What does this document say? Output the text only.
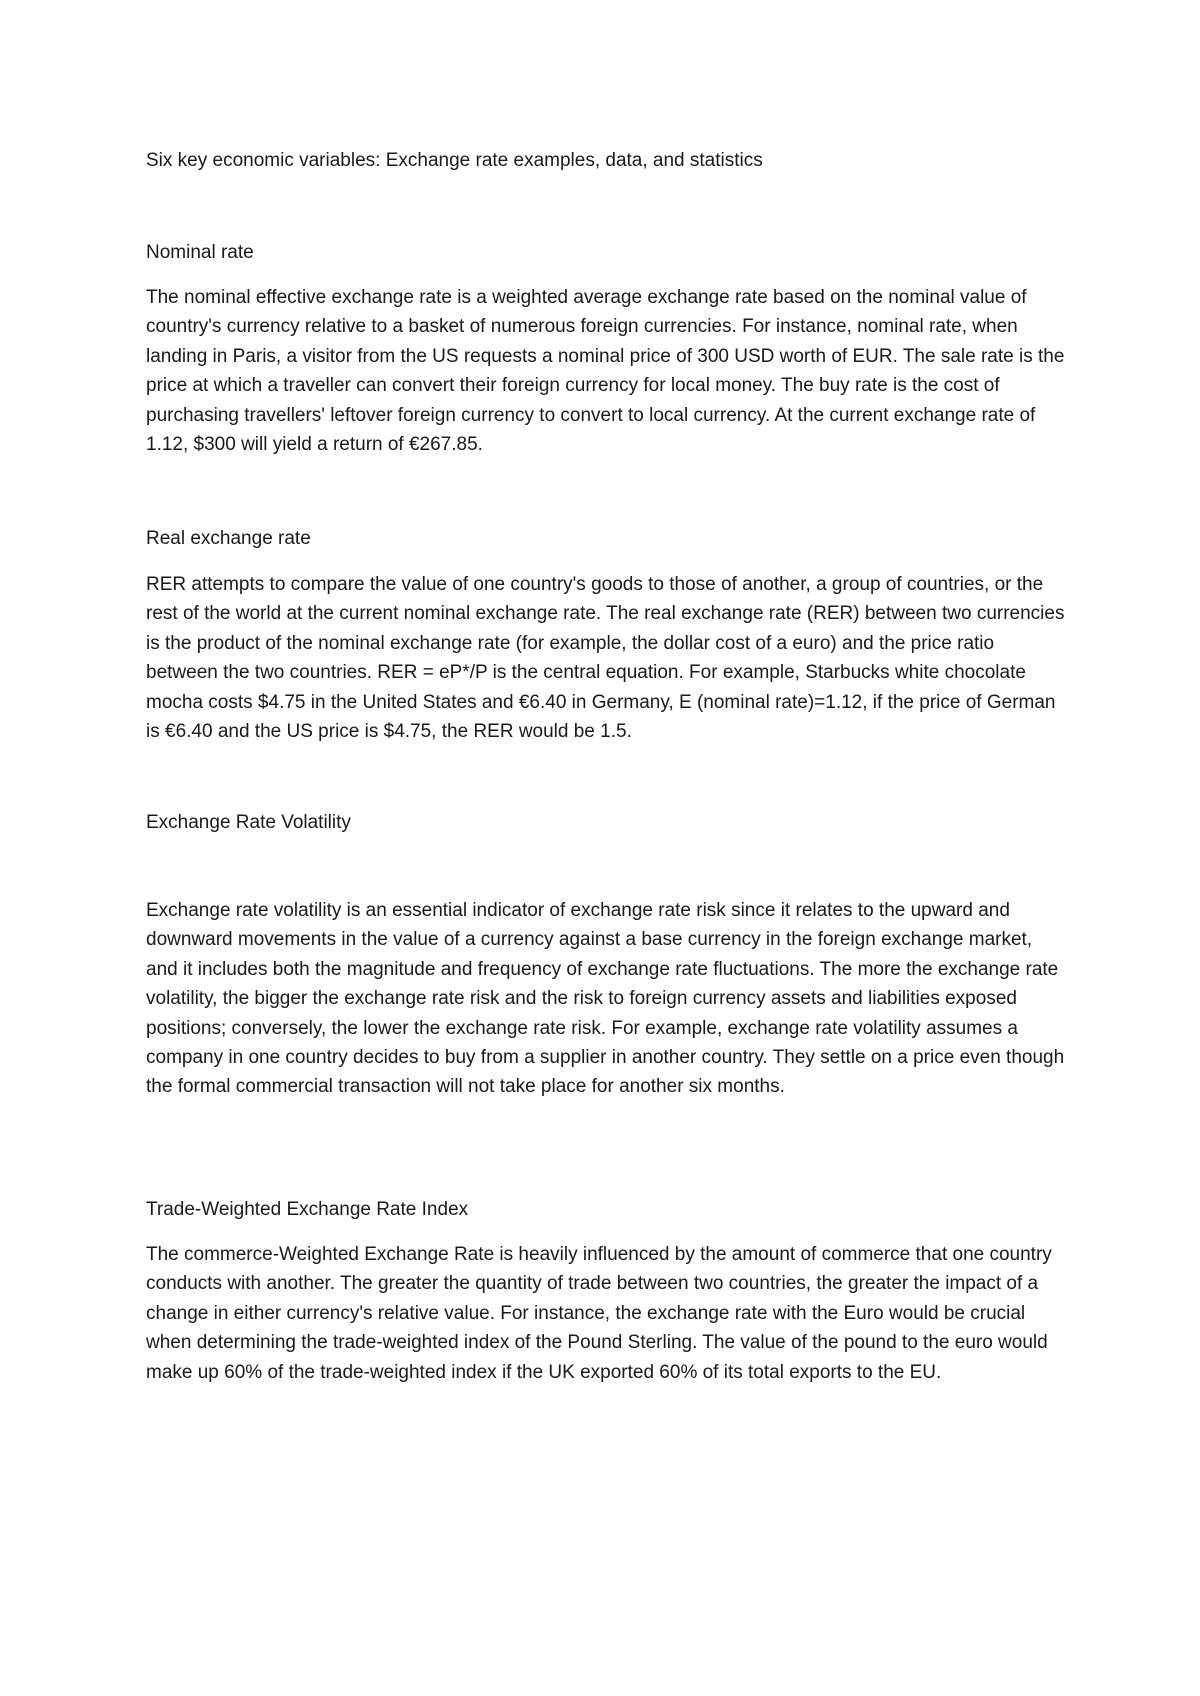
Six key economic variables: Exchange rate examples, data, and statistics

Nominal rate

The nominal effective exchange rate is a weighted average exchange rate based on the nominal value of country's currency relative to a basket of numerous foreign currencies. For instance, nominal rate, when landing in Paris, a visitor from the US requests a nominal price of 300 USD worth of EUR. The sale rate is the price at which a traveller can convert their foreign currency for local money. The buy rate is the cost of purchasing travellers' leftover foreign currency to convert to local currency. At the current exchange rate of 1.12, $300 will yield a return of €267.85.

Real exchange rate

RER attempts to compare the value of one country's goods to those of another, a group of countries, or the rest of the world at the current nominal exchange rate. The real exchange rate (RER) between two currencies is the product of the nominal exchange rate (for example, the dollar cost of a euro) and the price ratio between the two countries. RER = eP*/P is the central equation. For example, Starbucks white chocolate mocha costs $4.75 in the United States and €6.40 in Germany, E (nominal rate)=1.12, if the price of German is €6.40 and the US price is $4.75, the RER would be 1.5.

Exchange Rate Volatility

Exchange rate volatility is an essential indicator of exchange rate risk since it relates to the upward and downward movements in the value of a currency against a base currency in the foreign exchange market, and it includes both the magnitude and frequency of exchange rate fluctuations. The more the exchange rate volatility, the bigger the exchange rate risk and the risk to foreign currency assets and liabilities exposed positions; conversely, the lower the exchange rate risk. For example, exchange rate volatility assumes a company in one country decides to buy from a supplier in another country. They settle on a price even though the formal commercial transaction will not take place for another six months.

Trade-Weighted Exchange Rate Index

The commerce-Weighted Exchange Rate is heavily influenced by the amount of commerce that one country conducts with another. The greater the quantity of trade between two countries, the greater the impact of a change in either currency's relative value. For instance, the exchange rate with the Euro would be crucial when determining the trade-weighted index of the Pound Sterling. The value of the pound to the euro would make up 60% of the trade-weighted index if the UK exported 60% of its total exports to the EU.
